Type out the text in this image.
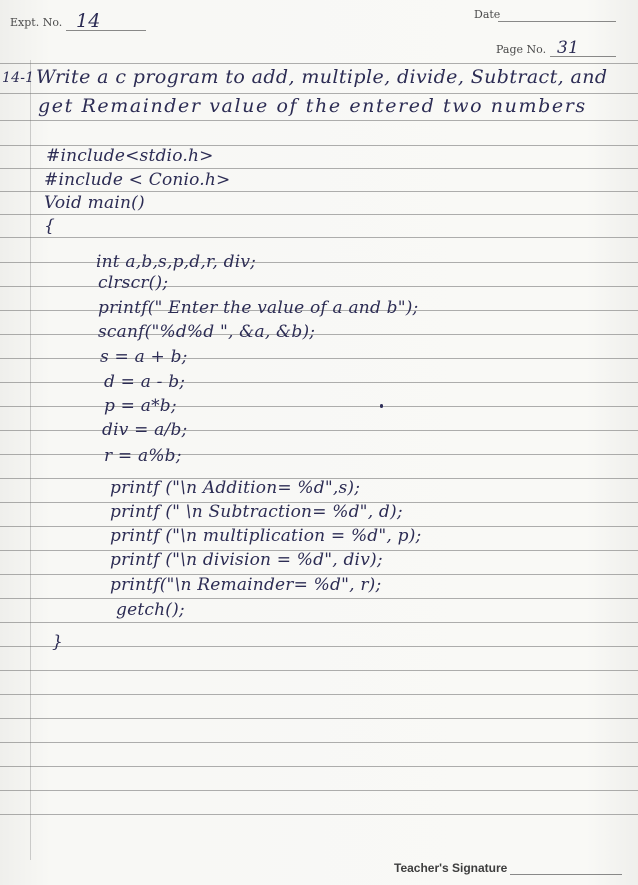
Date
Expt. No. 14
Page No. 31
14-1 Write a c program to add, multiple, divide, Subtract, and
get Remainder value of the entered two numbers
#include<stdio.h>
#include < Conio.h>
Void main()
{
int a,b,s,p,d,r, div;
clrscr();
printf(" Enter the value of a and b");
scanf("%d%d ", &a, &b);
s = a + b;
d = a - b;
p = a*b;
div = a/b;
r = a%b;
printf ("\n Addition= %d",s);
printf (" \n Subtraction= %d", d);
printf ("\n multiplication = %d", p);
printf ("\n division = %d", div);
printf("\n Remainder= %d", r);
getch();
}
Teacher's Signature
